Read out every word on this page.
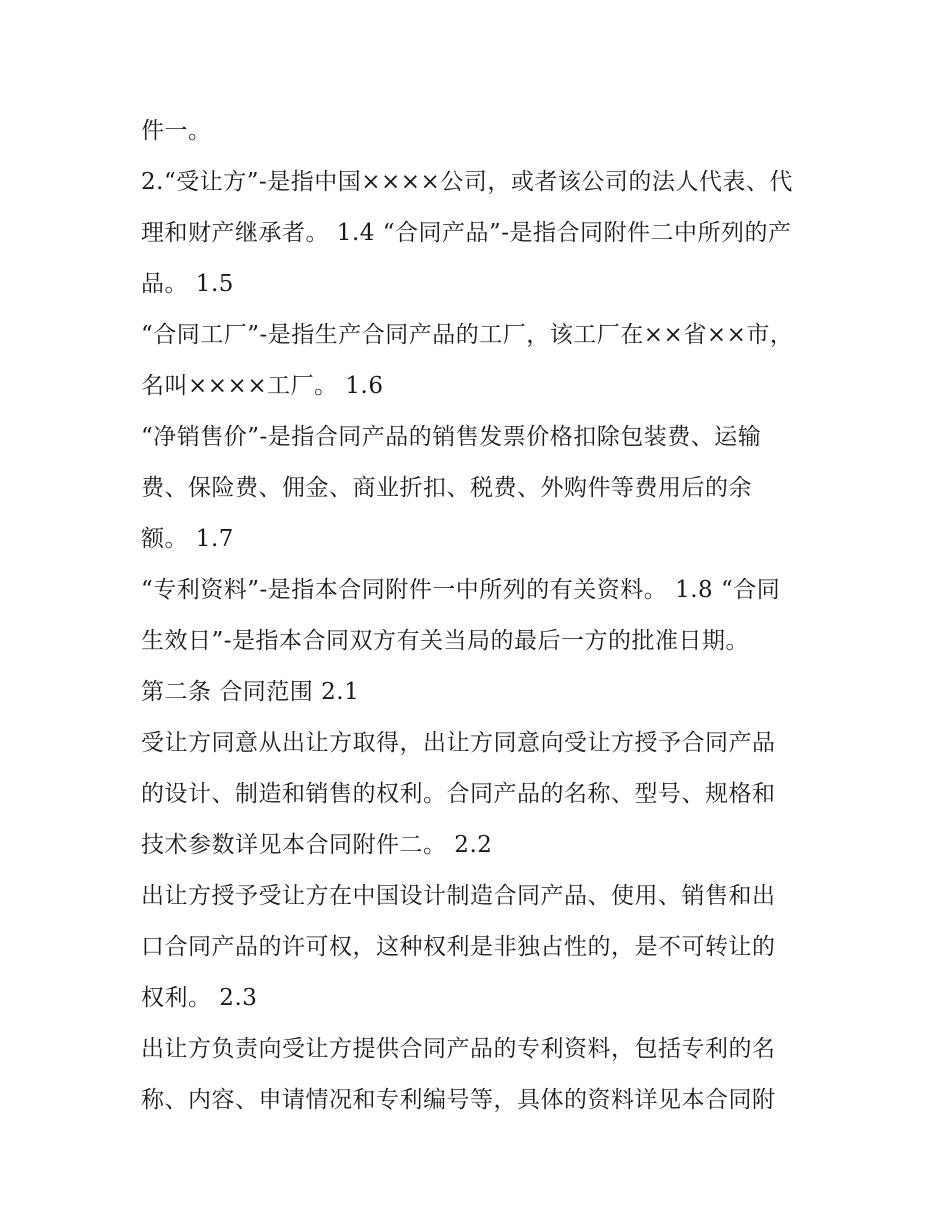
件一。
2.“受让方”-是指中国××××公司，或者该公司的法人代表、代
理和财产继承者。 1.4 “合同产品”-是指合同附件二中所列的产
品。 1.5
“合同工厂”-是指生产合同产品的工厂，该工厂在××省××市，
名叫××××工厂。 1.6
“净销售价”-是指合同产品的销售发票价格扣除包装费、运输
费、保险费、佣金、商业折扣、税费、外购件等费用后的余
额。 1.7
“专利资料”-是指本合同附件一中所列的有关资料。 1.8 “合同
生效日”-是指本合同双方有关当局的最后一方的批准日期。
第二条 合同范围 2.1
受让方同意从出让方取得，出让方同意向受让方授予合同产品
的设计、制造和销售的权利。合同产品的名称、型号、规格和
技术参数详见本合同附件二。 2.2
出让方授予受让方在中国设计制造合同产品、使用、销售和出
口合同产品的许可权，这种权利是非独占性的，是不可转让的
权利。 2.3
出让方负责向受让方提供合同产品的专利资料，包括专利的名
称、内容、申请情况和专利编号等，具体的资料详见本合同附
